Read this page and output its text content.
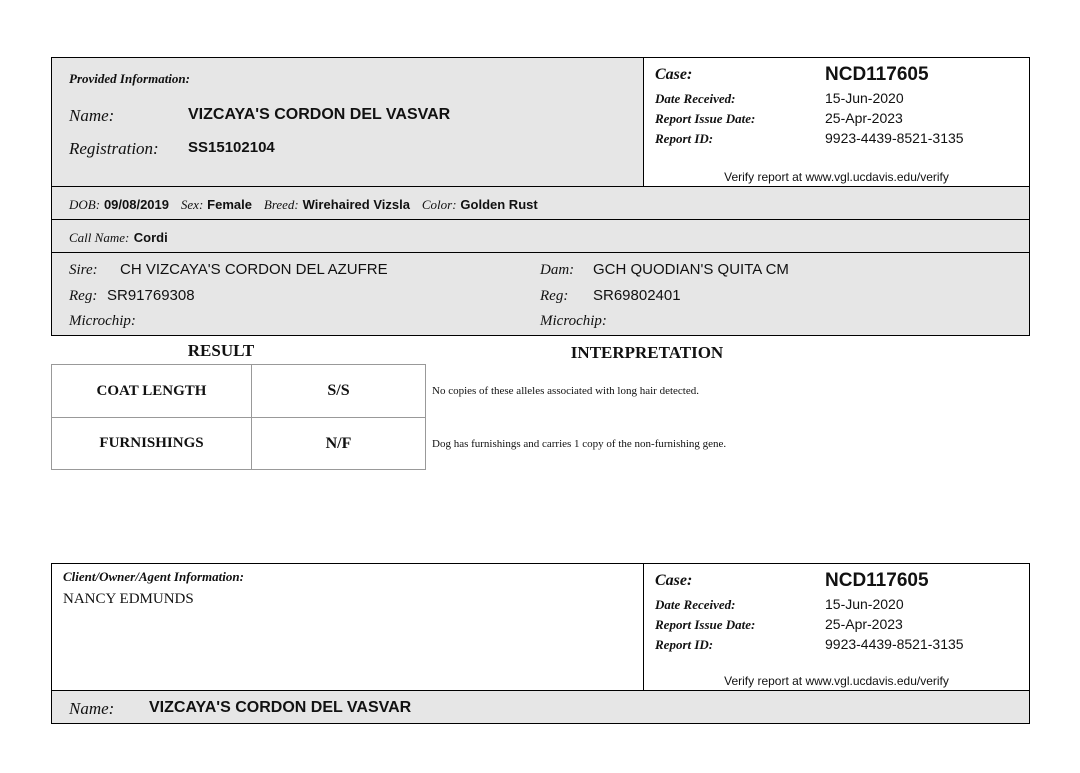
Provided Information:
Name:	VIZCAYA'S CORDON DEL VASVAR
Registration: SS15102104
Case:	NCD117605
Date Received:	15-Jun-2020
Report Issue Date:	25-Apr-2023
Report ID:	9923-4439-8521-3135
Verify report at www.vgl.ucdavis.edu/verify
DOB: 09/08/2019 Sex: Female Breed: Wirehaired Vizsla Color: Golden Rust
Call Name: Cordi
Sire: CH VIZCAYA'S CORDON DEL AZUFRE
Reg: SR91769308
Microchip:
Dam: GCH QUODIAN'S QUITA CM
Reg: SR69802401
Microchip:
RESULT	INTERPRETATION
COAT LENGTH	S/S	No copies of these alleles associated with long hair detected.
FURNISHINGS	N/F	Dog has furnishings and carries 1 copy of the non-furnishing gene.
Client/Owner/Agent Information:
NANCY EDMUNDS
Case:	NCD117605
Date Received:	15-Jun-2020
Report Issue Date:	25-Apr-2023
Report ID:	9923-4439-8521-3135
Verify report at www.vgl.ucdavis.edu/verify
Name: VIZCAYA'S CORDON DEL VASVAR
